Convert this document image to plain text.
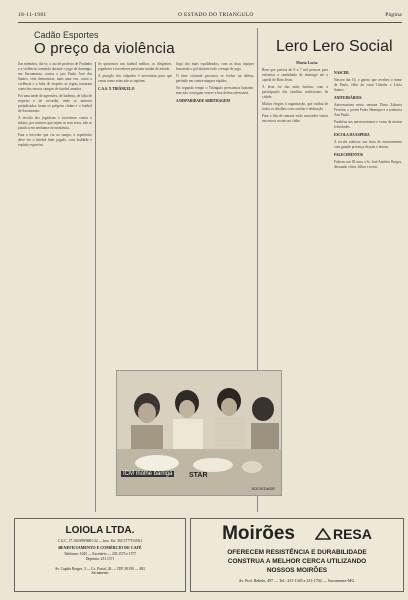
18-11-1981	O ESTADO DO TRIANGULO	Página
Cadão Esportes
O preço da violência

Em memória, diz-se, o ato de protesto de Paulinho e a violência cometida durante o jogo de domingo, em Sacramento, contra o juiz Paulo José dos Santos, vem demonstrar, mais uma vez, como a violência e a falta de respeito as regras tomaram conta dos nossos campos de futebol amador.

Foi uma tarde de agressões, de baderna, de falta de respeito e de covardia, onde os maiores prejudicados foram os próprios clubes e o futebol de Sacramento.

A revolta dos jogadores e torcedores contra o árbitro, por maiores que sejam os seus erros, não se justifica em nenhuma circunstância.

Para o torcedor que vai ao campo, o espetáculo deve ser o futebol bem jogado, com lealdade e espírito esportivo.

Se quisermos um futebol melhor, os dirigentes, jogadores e torcedores precisam mudar de atitude.

A punição dos culpados é necessária para que cenas como estas não se repitam.

C.A.S. X TRIÂNGULO

Jogo dos mais equilibrados, com as duas equipes buscando o gol durante todo o tempo de jogo.

O time visitante procurou se fechar na defesa, partindo em contra-ataques rápidos.

No segundo tempo o Triângulo pressionou bastante, mas não conseguiu vencer a boa defesa adversária.

A DISPARIDADE ARBITRAGEM

Lero Lero Social
Maria Lucia

Bem que precisa de 6 a 7 mil pessoas para enfrentar a caminhada de domingo até a capela do Bom Jesus.

A festa foi das mais bonitas, com a participação das famílias tradicionais da cidade.

Muitos elogios à organização, que cuidou de todos os detalhes com carinho e dedicação.

Para o fim de semana estão marcados vários encontros sociais no clube.

NASCER

Nasceu dia 10, o garoto que recebeu o nome de Paulo, filho do casal Cláudio e Lúcia Santos.

ANIVERSÁRIOS

Aniversariam nesta semana Dona Zulmira Ferreira, o jovem Pedro Henrique e a senhorita Ana Paula.

Parabéns aos aniversariantes e votos de muitas felicidades.

ESCOLA DA ESPERA

A escola realizou sua festa de encerramento com grande presença de pais e alunos.

FALECIMENTOS

Faleceu aos 82 anos o Sr. José Antônio Borges, deixando viúva, filhos e netos.

ICM molhe barriga STAR
SOCIEDADE
LOIOLA LTDA.
C.G.C. 17.102.899/0001-22 — Insc. Est. 565.377719.0011
BENEFICIAMENTO E COMÉRCIO DE CAFÉ
Telefones: 1045 — Escritório — 235.1575 e 1577
Depósito: 231.1571
Av. Cupido Borges, 3 — Cx. Postal, 26 — CEP 38.190 — MG
Sacramento
Moirões	RESA
OFERECEM RESISTÊNCIA E DURABILIDADE
CONSTRUA A MELHOR CERCA UTILIZANDO
NOSSOS MOIRÕES
Av. Prof. Rebelo, 497 — Tel.: 231-1345 e 231-1702 — Sacramento-MG.
